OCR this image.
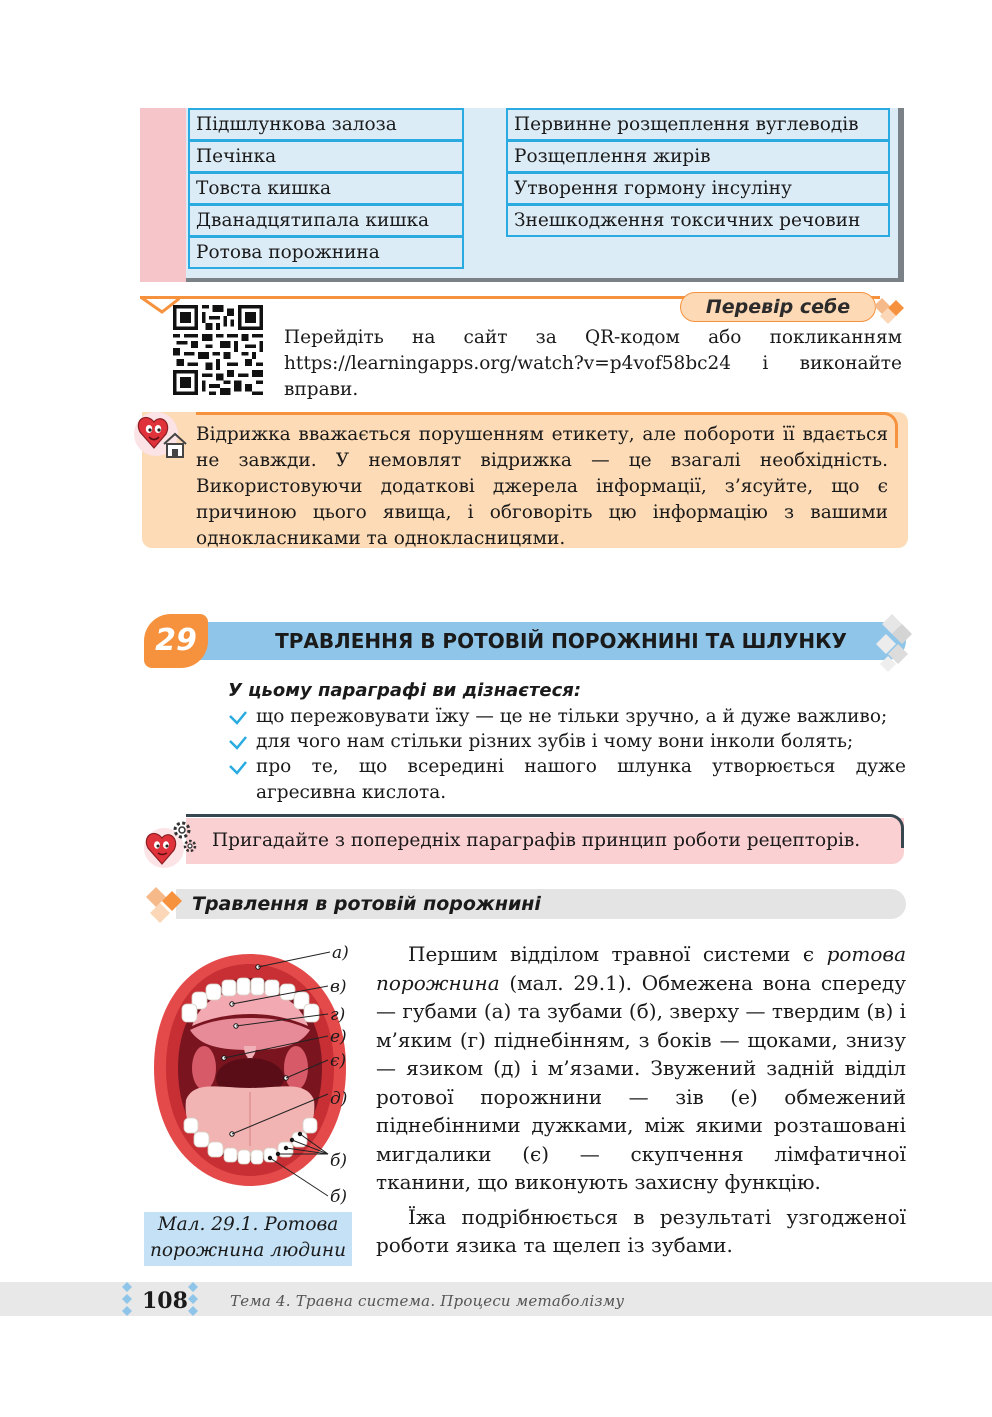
Підшлункова залоза
Печінка
Товста кишка
Дванадцятипала кишка
Ротова порожнина
Первинне розщеплення вуглеводів
Розщеплення жирів
Утворення гормону інсуліну
Знешкодження токсичних речовин
Перевір себе
Перейдіть на сайт за QR-кодом або покликанням
https://learningapps.org/watch?v=p4vof58bc24 і виконайте
вправи.
Відрижка вважається порушенням етикету, але побороти її вдається не завжди. У немовлят відрижка — це взагалі необхідність. Використовуючи додаткові джерела інформації, з’ясуйте, що є причиною цього явища, і обговоріть цю інформацію з вашими однокласниками та однокласницями.
29	ТРАВЛЕННЯ В РОТОВІЙ ПОРОЖНИНІ ТА ШЛУНКУ
У цьому параграфі ви дізнаєтеся:
що пережовувати їжу — це не тільки зручно, а й дуже важливо;
для чого нам стільки різних зубів і чому вони інколи болять;
про те, що всередині нашого шлунка утворюється дуже агресивна кислота.
Пригадайте з попередніх параграфів принцип роботи рецепторів.
Травлення в ротовій порожнині
а)
в)
г)
е)
є)
д)
б)
б)
Мал. 29.1. Ротова
порожнина людини

Першим відділом травної системи є ротова порожнина (мал. 29.1). Обмежена вона спереду — губами (а) та зубами (б), зверху — твердим (в) і м’яким (г) піднебінням, з боків — щоками, знизу — язиком (д) і м’язами. Звужений задній відділ ротової порожнини — зів (е) обмежений піднебінними дужками, між якими розташовані мигдалики (є) — скупчення лімфатичної тканини, що виконують захисну функцію.

Їжа подрібнюється в результаті узгодженої роботи язика та щелеп із зубами.

108	Тема 4. Травна система. Процеси метаболізму
